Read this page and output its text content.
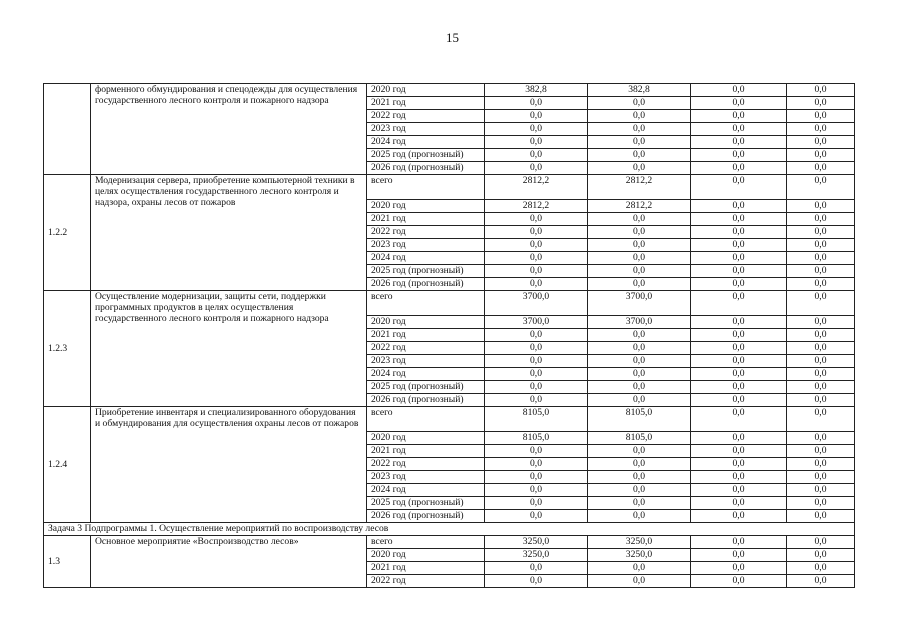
15
	форменного обмундирования и спецодежды для осуществления государственного лесного контроля и пожарного надзора	2020 год	382,8	382,8	0,0	0,0
		2021 год	0,0	0,0	0,0	0,0
		2022 год	0,0	0,0	0,0	0,0
		2023 год	0,0	0,0	0,0	0,0
		2024 год	0,0	0,0	0,0	0,0
		2025 год (прогнозный)	0,0	0,0	0,0	0,0
		2026 год (прогнозный)	0,0	0,0	0,0	0,0
1.2.2	Модернизация сервера, приобретение компьютерной техники в целях осуществления государственного лесного контроля и надзора, охраны лесов от пожаров	всего	2812,2	2812,2	0,0	0,0
		2020 год	2812,2	2812,2	0,0	0,0
		2021 год	0,0	0,0	0,0	0,0
		2022 год	0,0	0,0	0,0	0,0
		2023 год	0,0	0,0	0,0	0,0
		2024 год	0,0	0,0	0,0	0,0
		2025 год (прогнозный)	0,0	0,0	0,0	0,0
		2026 год (прогнозный)	0,0	0,0	0,0	0,0
1.2.3	Осуществление модернизации, защиты сети, поддержки программных продуктов в целях осуществления государственного лесного контроля и пожарного надзора	всего	3700,0	3700,0	0,0	0,0
		2020 год	3700,0	3700,0	0,0	0,0
		2021 год	0,0	0,0	0,0	0,0
		2022 год	0,0	0,0	0,0	0,0
		2023 год	0,0	0,0	0,0	0,0
		2024 год	0,0	0,0	0,0	0,0
		2025 год (прогнозный)	0,0	0,0	0,0	0,0
		2026 год (прогнозный)	0,0	0,0	0,0	0,0
1.2.4	Приобретение инвентаря и специализированного оборудования и обмундирования для осуществления охраны лесов от пожаров	всего	8105,0	8105,0	0,0	0,0
		2020 год	8105,0	8105,0	0,0	0,0
		2021 год	0,0	0,0	0,0	0,0
		2022 год	0,0	0,0	0,0	0,0
		2023 год	0,0	0,0	0,0	0,0
		2024 год	0,0	0,0	0,0	0,0
		2025 год (прогнозный)	0,0	0,0	0,0	0,0
		2026 год (прогнозный)	0,0	0,0	0,0	0,0
Задача 3 Подпрограммы 1. Осуществление мероприятий по воспроизводству лесов						
1.3	Основное мероприятие «Воспроизводство лесов»	всего	3250,0	3250,0	0,0	0,0
		2020 год	3250,0	3250,0	0,0	0,0
		2021 год	0,0	0,0	0,0	0,0
		2022 год	0,0	0,0	0,0	0,0
